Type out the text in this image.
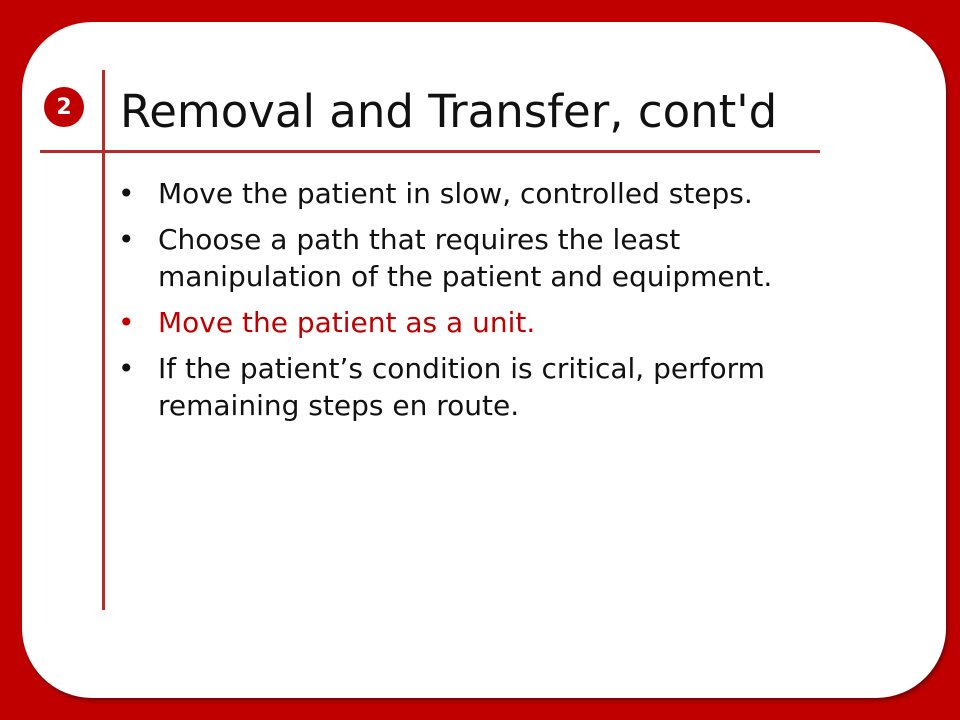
2 Removal and Transfer, cont'd
• Move the patient in slow, controlled steps.
• Choose a path that requires the least manipulation of the patient and equipment.
• Move the patient as a unit.
• If the patient’s condition is critical, perform remaining steps en route.
